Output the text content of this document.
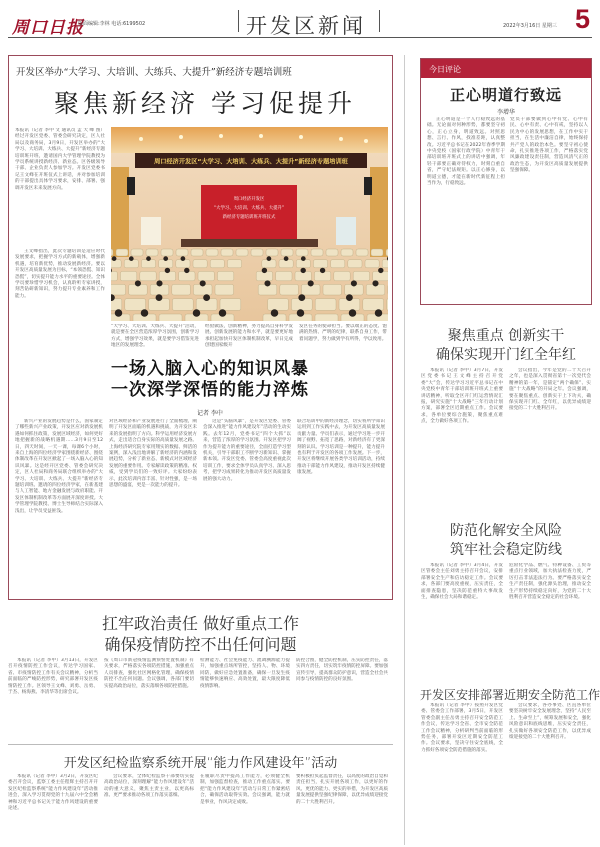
周口日报
版面编辑:李林 电话:6199502	开发区新闻	2022年3月16日 星期三 5
开发区举办“大学习、大培训、大练兵、大提升”新经济专题培训班
聚焦新经济 学习促提升
本报讯（记者 李中 文 通讯员 孟 大 峰 图）经过开发区党委、管委会研究决定，区人社局以及商务局，3月9日，开发区举办的“大学习、大培训、大练兵、大提升”新经济专题培训班开班，邀请国内大学管理学院教授为学员系统讲授新经济、新业态。区各级领导干部、企业负责人参加学习。开发区党委书记王文峰在开班仪式上讲话，并对参加培训的干部提出具体学习要求，安排、部署、强调开发区未来发展方向。
王文峰指出，此次专题培训是适应时代发展要求，把握学习方式的新载体，增强新机遇，培育新优势，推动发展新经济。要以开发区高质量发展为目标，“本领恐慌、知识恐慌”，切实提升能力水平的重要途径。全体学员要珍惜学习机会，认真聆听专家讲授，刻苦钻研新知识，努力提升专业素养和工作能力。
周口经济开发区“大学习、大培训、大练兵、大提升”新经济专题培训班
周口经济开发区
“大学习、大培训、大练兵、大提升”
新经济专题培训班开班仪式
“大学习、大培训、大练兵、大提升”活动，就是要在全区营造浓厚学习氛围，创新学习方式，增强学习效果，就是要学习借鉴先进地区的发展理念。
经验做法，创新精神，努力提高自身科学发展、创新发展的能力和水平，就是要更好地承担起加快开发区体制机制改革，早日完成创建国家级开
发区任务的使命担当。要以端正的态度、饱满的热情、严明的纪律，联系自身工作，带着问题学，努力做到学有所得，学以致用。
一场入脑入心的知识风暴
一次深学深悟的能力淬炼
记者 李中
新兴产业的发展趋势是什么，国家制定了哪些新兴产业政策，开发区应对新发展机遇如何抓住政策，发展区域经济，如何更好地把握新的战略机遇期……3月9日至12日，四天时间，一天一课，每课6个小时，来自上海的四位经济学家围绕新经济、围绕体制改革在开发区掀起了一场入脑入心的知识风暴。这是经开区党委、管委会研究决定，区人社局和商务局联合组织举办的“大学习、大培训、大练兵、大提升”新经济专题培训班。邀请的四位经济学家，在新基建与人工智能、地方金融发展与政府职能、开发区体制机制改革等方面展开深度讲授。大学管理学院教授、博士生导师结合实际深入浅出，让学员受益匪浅。
对区域经济和产业发展进行了全面梳理，阐明了开发区面临的机遇和挑战，为开发区未来的发展指明了方向。科学运用经济发展方式，走出适合自身实际的高质量发展之路。上海经济研究院专家用翔实的数据、鲜活的案例，深入浅出地讲解了新经济的内涵和发展趋势，分析了新业态、新模式对区域经济发展的重要作用。专家解读政策的精准、权威，受到学员们的一致好评。大家纷纷表示，此次培训内容丰富、针对性强，是一场思想的盛宴，更是一次能力的提升。
这是“头脑风暴”，是开发区党委、管委会深入推进“能力作风建设年”活动的生动实践。去年12月，党委书记“四个大抓”以来，营造了浓厚的学习氛围。开发区把学习作为提升能力的重要途径，全面打造学习型机关，引导干部职工不断学习新知识、掌握新本领。开发区党委、管委会高度重视此次培训工作，要求全体学员认真学习、深入思考，把学习成果转化为推动开发区高质量发展的强大动力。
联合培训中的新经济理念，切实将所学知识运用到工作实践中去，为开发区高质量发展贡献力量。学员们表示，通过学习进一步开阔了视野、拓宽了思路，对新经济有了更深刻的认识。学习培训是一种提升，能力提升也有利于开发区的各项工作发展。下一步，开发区将继续开展各类学习培训活动，持续推动干部能力作风建设，推动开发区持续健康发展。
今日评论
正心明道行致远
李增华
正心明道是一个人行稳致远的基础。无论面对何种形势，都要坚守初心，正心立身，明道致远。对照思想、言行、作风，找准差距，认真整改。习近平总书记在2022年春季学期中央党校（国家行政学院）中青年干部培训班开班式上的讲话中强调，年轻干部要正确对待权力，时刻自重自省，严守纪法规矩。以正心修身，以明道立德，才能在新时代新征程上担当作为，行稳致远。
党员干部要做到心中有党、心中有民、心中有责、心中有戒，坚持以人民为中心的发展思想，在工作中实干担当，在生活中廉洁自律，始终保持共产党人的政治本色。要坚守初心使命，扎实推进各项工作，严格落实党风廉政建设责任制，营造风清气正的政治生态，为开发区高质量发展提供坚强保障。
聚焦重点 创新实干
确保实现开门红全年红
本报讯（记者 李中）3月7日，开发区党委书记王文峰主持召开党委“大”会，传达学习习近平总书记在中央党校中青年干部培训班开班式上重要讲话精神，听取全区开门红运营情况汇报，研究实施“十大战略”三年行动计划方案，部署全区近期重点工作。会议要求，各单位要综合施策，聚焦重点难点，全力做好各项工作。
会议指出，今年是党的二十大召开之年，也是深入贯彻省第十一次党代会精神的第一年，是锚定“两个确保”、实施“十大战略”的开局之年。会议强调，要在聚焦重点、创新实干上下功夫，确保实现开门红、全年红，以优异成绩迎接党的二十大胜利召开。
防范化解安全风险
筑牢社会稳定防线
本报讯（记者 李中）3月4日，开发区管委会主任刘勇主持召开会议，安排部署安全生产和信访稳定工作。会议要求，各部门要高度重视，压实责任，全面排查隐患，坚决防范重特大事故发生，确保社会大局和谐稳定。
危险化学品、燃气、特种设备、工贸等重点行业领域，加大执法检查力度，严厉打击非法违法行为。要严格落实安全生产责任制，强化源头治理，推动安全生产形势持续稳定向好，为党的二十大胜利召开营造安全稳定的社会环境。
开发区安排部署近期安全防范工作
本报讯（记者 李中）按照开发区党委、管委会工作部署，3月5日，开发区管委会副主任岳勇主持召开安全防范工作会议，传达学习全省、全市安全防范工作会议精神，分析研判当前面临的形势任务，部署开发区近期安全防范工作。会议要求，坚决守住安全底线，全力抓好各项安全防范措施的落实。
会议要求，各办事处、区直各单位要坚决树牢安全发展理念，坚持“人民至上、生命至上”，统筹发展和安全，强化风险意识和底线思维，压实安全责任，扎实做好各项安全防范工作，以优异成绩迎接党的二十大胜利召开。
扛牢政治责任 做好重点工作
确保疫情防控不出任何问题
本报讯（记者 李中）3月13日，开发区召开疫情防控工作会议，传达学习国家、省、市疫情防控工作有关会议精神，分析当前面临的严峻防控形势，研究部署开发区疫情防控工作。区领导王文峰、刘勇、岳勇、于杰、杨海燕、李清华等出席会议。
按《周口市新冠疫情监测预警处置机制》有关要求，严格落实各项防控措施，加强重点人员排查，强化社区网格化管理，确保疫情防控不出任何问题。会议强调，各部门要切实提高政治站位，落实落细各项防控措施。
检测能力、社会免疫能力、流调溯源能力提升，加强重点场所管控，坚持人、物、环境同防，做好应急处置准备，确保一旦发生疫情能够快速响应、高效处置，最大限度降低疫情影响。
防控合围，健全防控机制，压实防控责任，落实四方责任，切实筑牢疫情防控屏障。要加强宣传引导，提高群众防护意识，营造全社会共同参与疫情防控的良好氛围。
开发区纪检监察系统开展“能力作风建设年”活动
本报讯（记者 李中）3月2日，开发区纪委召开会议，监察工委主任程辉主持召开开发区纪检监察系统“能力作风建设年”活动推进会，深入学习贯彻党的十九届六中全会精神和习近平总书记关于能力作风建设的重要论述。
会议要求，全体纪检监察干部要切实提高政治站位，深刻理解“能力作风建设年”活动的重大意义，聚焦主责主业，以更高标准、更严要求推动各项工作落实落细。
在履职尽责中提高工作能力，必须健全机制，加强监督检查，推动工作重点落实。要把“能力作风建设年”活动与日常工作紧密结合，确保活动取得实效。会议强调，能力就是事业，作风决定成败。
要积极担负起监督责任，以高度的政治自觉和责任担当，扎实开展各项工作，以更好的作风、更优的能力、更实的举措，为开发区高质量发展提供坚强纪律保障，以优异成绩迎接党的二十大胜利召开。
